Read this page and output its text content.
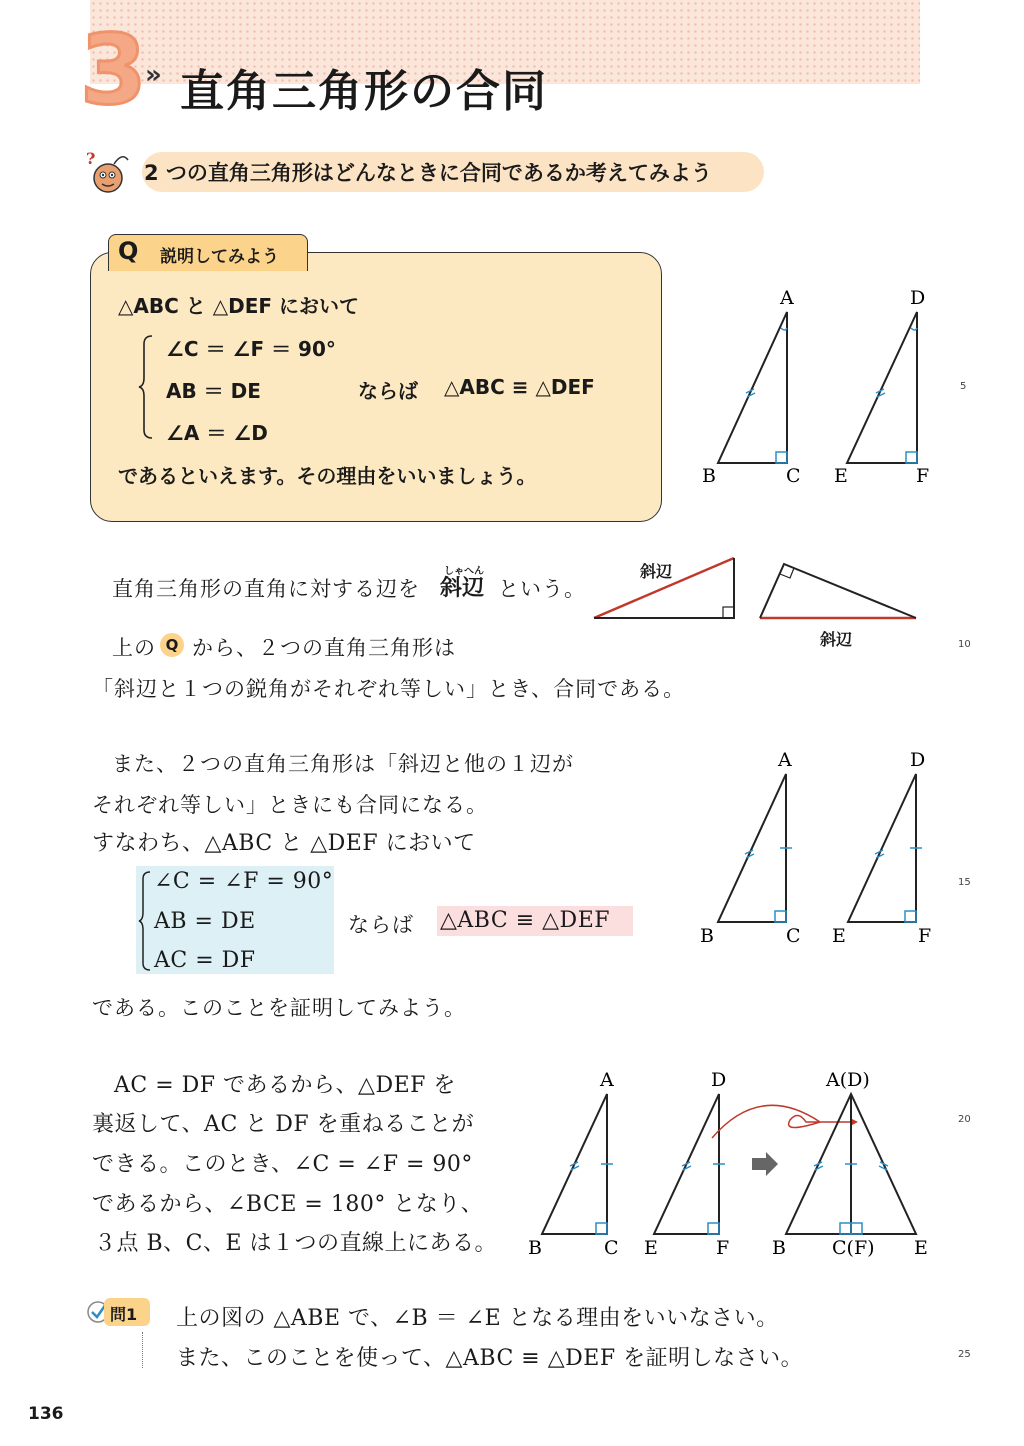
3
» 直角三角形の合同
?
2 つの直角三角形はどんなときに合同であるか考えてみよう
Q 説明してみよう
△ABC と △DEF において
∠C ＝ ∠F ＝ 90°
AB ＝ DE	ならば △ABC ≡ △DEF
∠A ＝ ∠D
であるといえます。その理由をいいましょう。
A	D
B	C E	F
5
10
15
20
25
直角三角形の直角に対する辺を
しゃへん
斜辺 という。
斜辺
斜辺
上の Q から、２つの直角三角形は
「斜辺と１つの鋭角がそれぞれ等しい」とき、合同である。
また、２つの直角三角形は「斜辺と他の１辺が
それぞれ等しい」ときにも合同になる。
すなわち、△ABC と △DEF において
∠C = ∠F = 90°
AB = DE
AC = DF
ならば △ABC ≡ △DEF
である。このことを証明してみよう。
A	D
B	C E	F
AC = DF であるから、△DEF を
裏返して、AC と DF を重ねることが
できる。このとき、∠C = ∠F = 90°
であるから、∠BCE = 180° となり、
３点 B、C、E は１つの直線上にある。
A	D	A(D)
B	C E	F B C(F) E
問1 上の図の △ABE で、∠B ＝ ∠E となる理由をいいなさい。
また、このことを使って、△ABC ≡ △DEF を証明しなさい。
136
